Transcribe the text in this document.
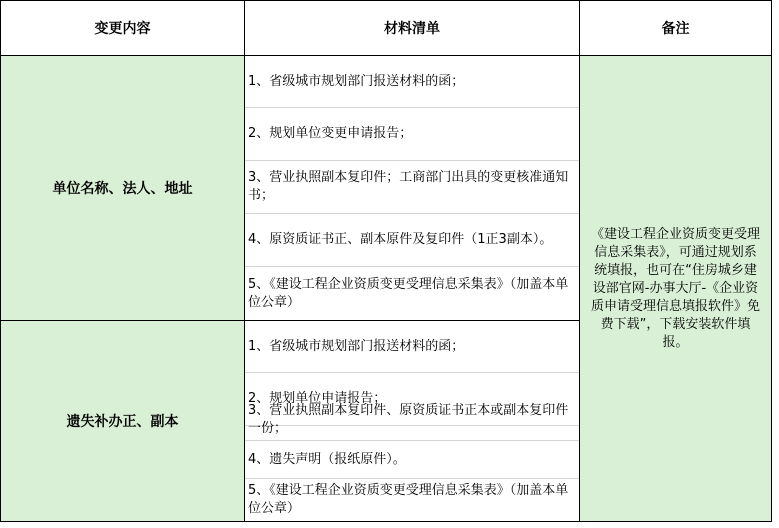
变更内容	材料清单	备注
单位名称、法人、地址
1、省级城市规划部门报送材料的函；
2、规划单位变更申请报告；
3、营业执照副本复印件；工商部门出具的变更核准通知书；
4、原资质证书正、副本原件及复印件（1正3副本）。
5、《建设工程企业资质变更受理信息采集表》（加盖本单位公章）
遗失补办正、副本
1、省级城市规划部门报送材料的函；
2、规划单位申请报告；
3、营业执照副本复印件、原资质证书正本或副本复印件一份；
4、遗失声明（报纸原件）。
5、《建设工程企业资质变更受理信息采集表》（加盖本单位公章）
《建设工程企业资质变更受理信息采集表》，可通过规划系统填报，也可在“住房城乡建设部官网-办事大厅-《企业资质申请受理信息填报软件》免费下载”，下载安装软件填报。
